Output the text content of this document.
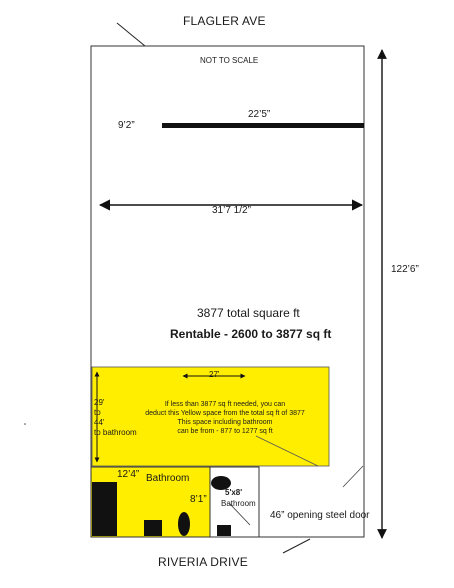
FLAGLER AVE
RIVERIA DRIVE
NOT TO SCALE
22’5”
9’2”
31’7 1/2”
122’6”
3877 total square ft
Rentable - 2600 to 3877 sq ft
27'
29'
to
44'
to bathroom
If less than 3877 sq ft needed, you can
deduct this Yellow space from the total sq ft of 3877
This space including bathroom
can be from - 877 to 1277 sq ft
12’4” Bathroom
8’1”
5'x8'
Bathroom
46” opening steel door
